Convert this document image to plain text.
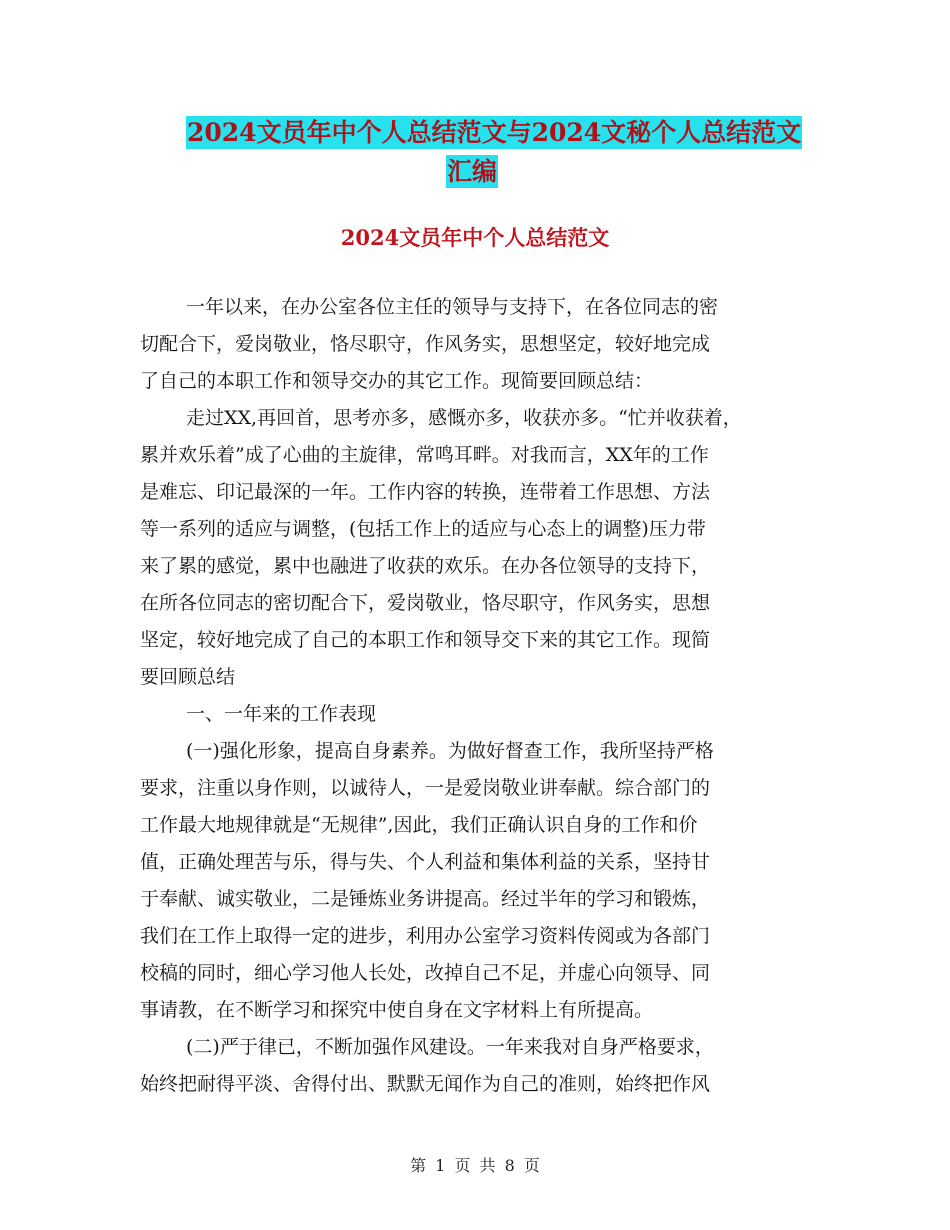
2024文员年中个人总结范文与2024文秘个人总结范文
汇编
2024文员年中个人总结范文
一年以来，在办公室各位主任的领导与支持下，在各位同志的密
切配合下，爱岗敬业，恪尽职守，作风务实，思想坚定，较好地完成
了自己的本职工作和领导交办的其它工作。现简要回顾总结：
走过XX,再回首，思考亦多，感慨亦多，收获亦多。“忙并收获着，
累并欢乐着”成了心曲的主旋律，常鸣耳畔。对我而言，XX年的工作
是难忘、印记最深的一年。工作内容的转换，连带着工作思想、方法
等一系列的适应与调整，(包括工作上的适应与心态上的调整)压力带
来了累的感觉，累中也融进了收获的欢乐。在办各位领导的支持下，
在所各位同志的密切配合下，爱岗敬业，恪尽职守，作风务实，思想
坚定，较好地完成了自己的本职工作和领导交下来的其它工作。现简
要回顾总结
一、一年来的工作表现
(一)强化形象，提高自身素养。为做好督查工作，我所坚持严格
要求，注重以身作则，以诚待人，一是爱岗敬业讲奉献。综合部门的
工作最大地规律就是“无规律”,因此，我们正确认识自身的工作和价
值，正确处理苦与乐，得与失、个人利益和集体利益的关系，坚持甘
于奉献、诚实敬业，二是锤炼业务讲提高。经过半年的学习和锻炼，
我们在工作上取得一定的进步，利用办公室学习资料传阅或为各部门
校稿的同时，细心学习他人长处，改掉自己不足，并虚心向领导、同
事请教，在不断学习和探究中使自身在文字材料上有所提高。
(二)严于律已，不断加强作风建设。一年来我对自身严格要求，
始终把耐得平淡、舍得付出、默默无闻作为自己的准则，始终把作风
第 1 页 共 8 页
